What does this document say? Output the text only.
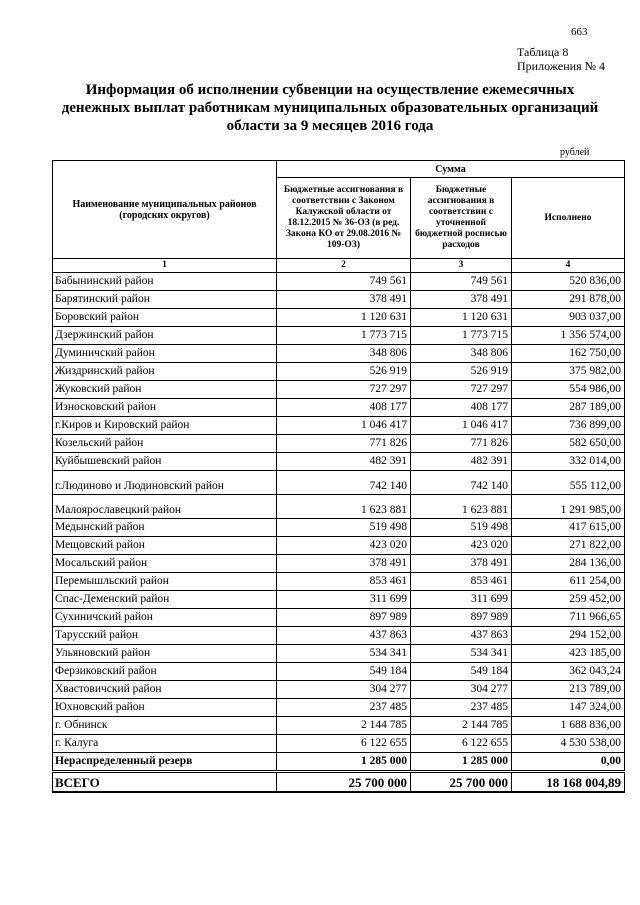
663
Таблица 8
Приложения № 4
Информация об исполнении субвенции на осуществление ежемесячных денежных выплат работникам муниципальных образовательных организаций области за 9 месяцев 2016 года
рублей
Наименование муниципальных районов (городских округов)	Сумма		
	Бюджетные ассигнования в соответствии с Законом Калужской области от 18.12.2015 № 36-ОЗ (в ред. Закона КО от 29.08.2016 № 109-ОЗ)	Бюджетные ассигнования в соответствии с уточненной бюджетной росписью расходов	Исполнено
1	2	3	4
Бабынинский район	749 561	749 561	520 836,00
Барятинский район	378 491	378 491	291 878,00
Боровский район	1 120 631	1 120 631	903 037,00
Дзержинский район	1 773 715	1 773 715	1 356 574,00
Думиничский район	348 806	348 806	162 750,00
Жиздринский район	526 919	526 919	375 982,00
Жуковский район	727 297	727 297	554 986,00
Износковский район	408 177	408 177	287 189,00
г.Киров и Кировский район	1 046 417	1 046 417	736 899,00
Козельский район	771 826	771 826	582 650,00
Куйбышевский район	482 391	482 391	332 014,00
г.Людиново и Людиновский район	742 140	742 140	555 112,00
Малоярославецкий район	1 623 881	1 623 881	1 291 985,00
Медынский район	519 498	519 498	417 615,00
Мещовский район	423 020	423 020	271 822,00
Мосальский район	378 491	378 491	284 136,00
Перемышльский район	853 461	853 461	611 254,00
Спас-Деменский район	311 699	311 699	259 452,00
Сухиничский район	897 989	897 989	711 966,65
Тарусский район	437 863	437 863	294 152,00
Ульяновский район	534 341	534 341	423 185,00
Ферзиковский район	549 184	549 184	362 043,24
Хвастовичский район	304 277	304 277	213 789,00
Юхновский район	237 485	237 485	147 324,00
г. Обнинск	2 144 785	2 144 785	1 688 836,00
г. Калуга	6 122 655	6 122 655	4 530 538,00
Нераспределенный резерв	1 285 000	1 285 000	0,00
ВСЕГО	25 700 000	25 700 000	18 168 004,89
